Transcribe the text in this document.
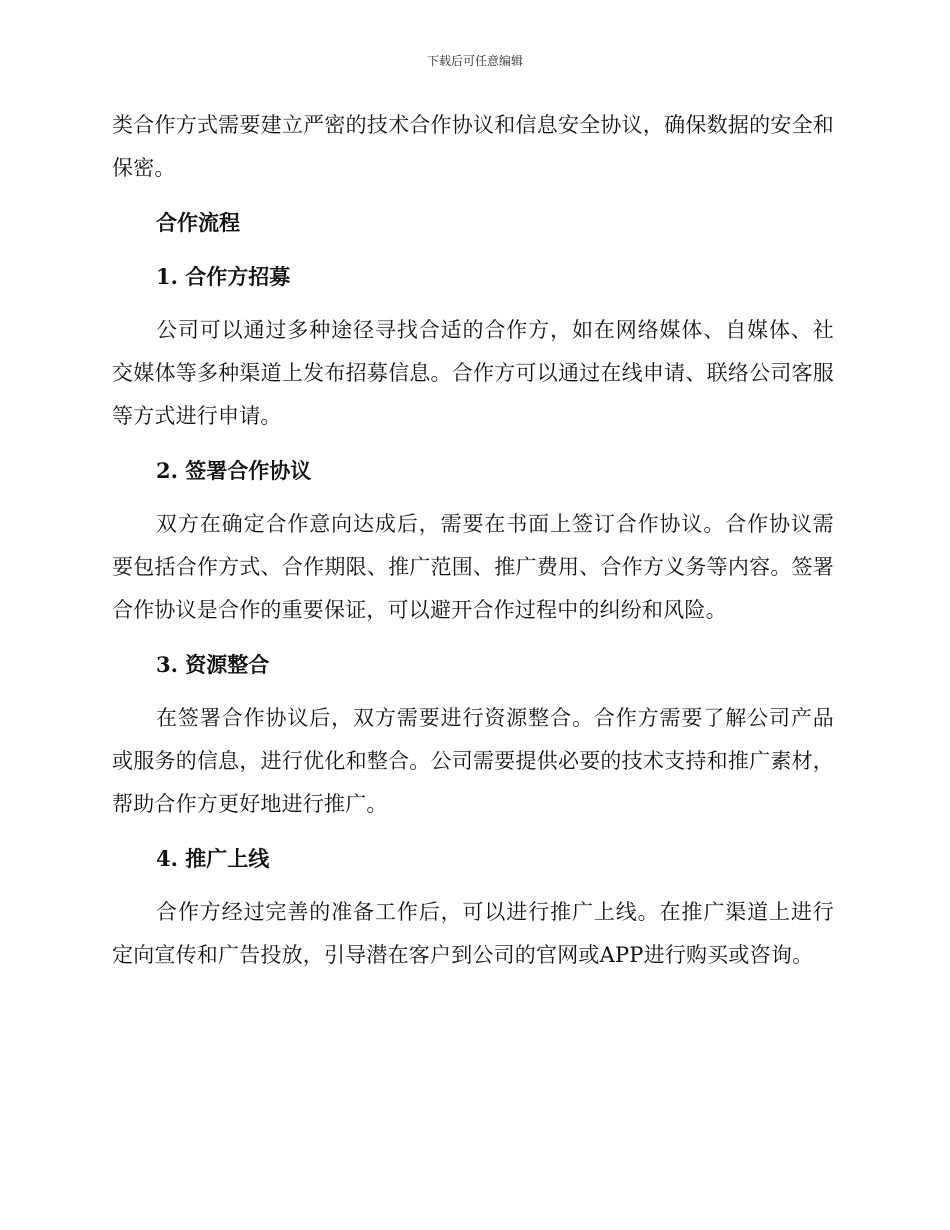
下载后可任意编辑

类合作方式需要建立严密的技术合作协议和信息安全协议，确保数据的安全和保密。

合作流程
1. 合作方招募

公司可以通过多种途径寻找合适的合作方，如在网络媒体、自媒体、社交媒体等多种渠道上发布招募信息。合作方可以通过在线申请、联络公司客服等方式进行申请。

2. 签署合作协议

双方在确定合作意向达成后，需要在书面上签订合作协议。合作协议需要包括合作方式、合作期限、推广范围、推广费用、合作方义务等内容。签署合作协议是合作的重要保证，可以避开合作过程中的纠纷和风险。

3. 资源整合

在签署合作协议后，双方需要进行资源整合。合作方需要了解公司产品或服务的信息，进行优化和整合。公司需要提供必要的技术支持和推广素材，帮助合作方更好地进行推广。

4. 推广上线

合作方经过完善的准备工作后，可以进行推广上线。在推广渠道上进行定向宣传和广告投放，引导潜在客户到公司的官网或APP进行购买或咨询。
